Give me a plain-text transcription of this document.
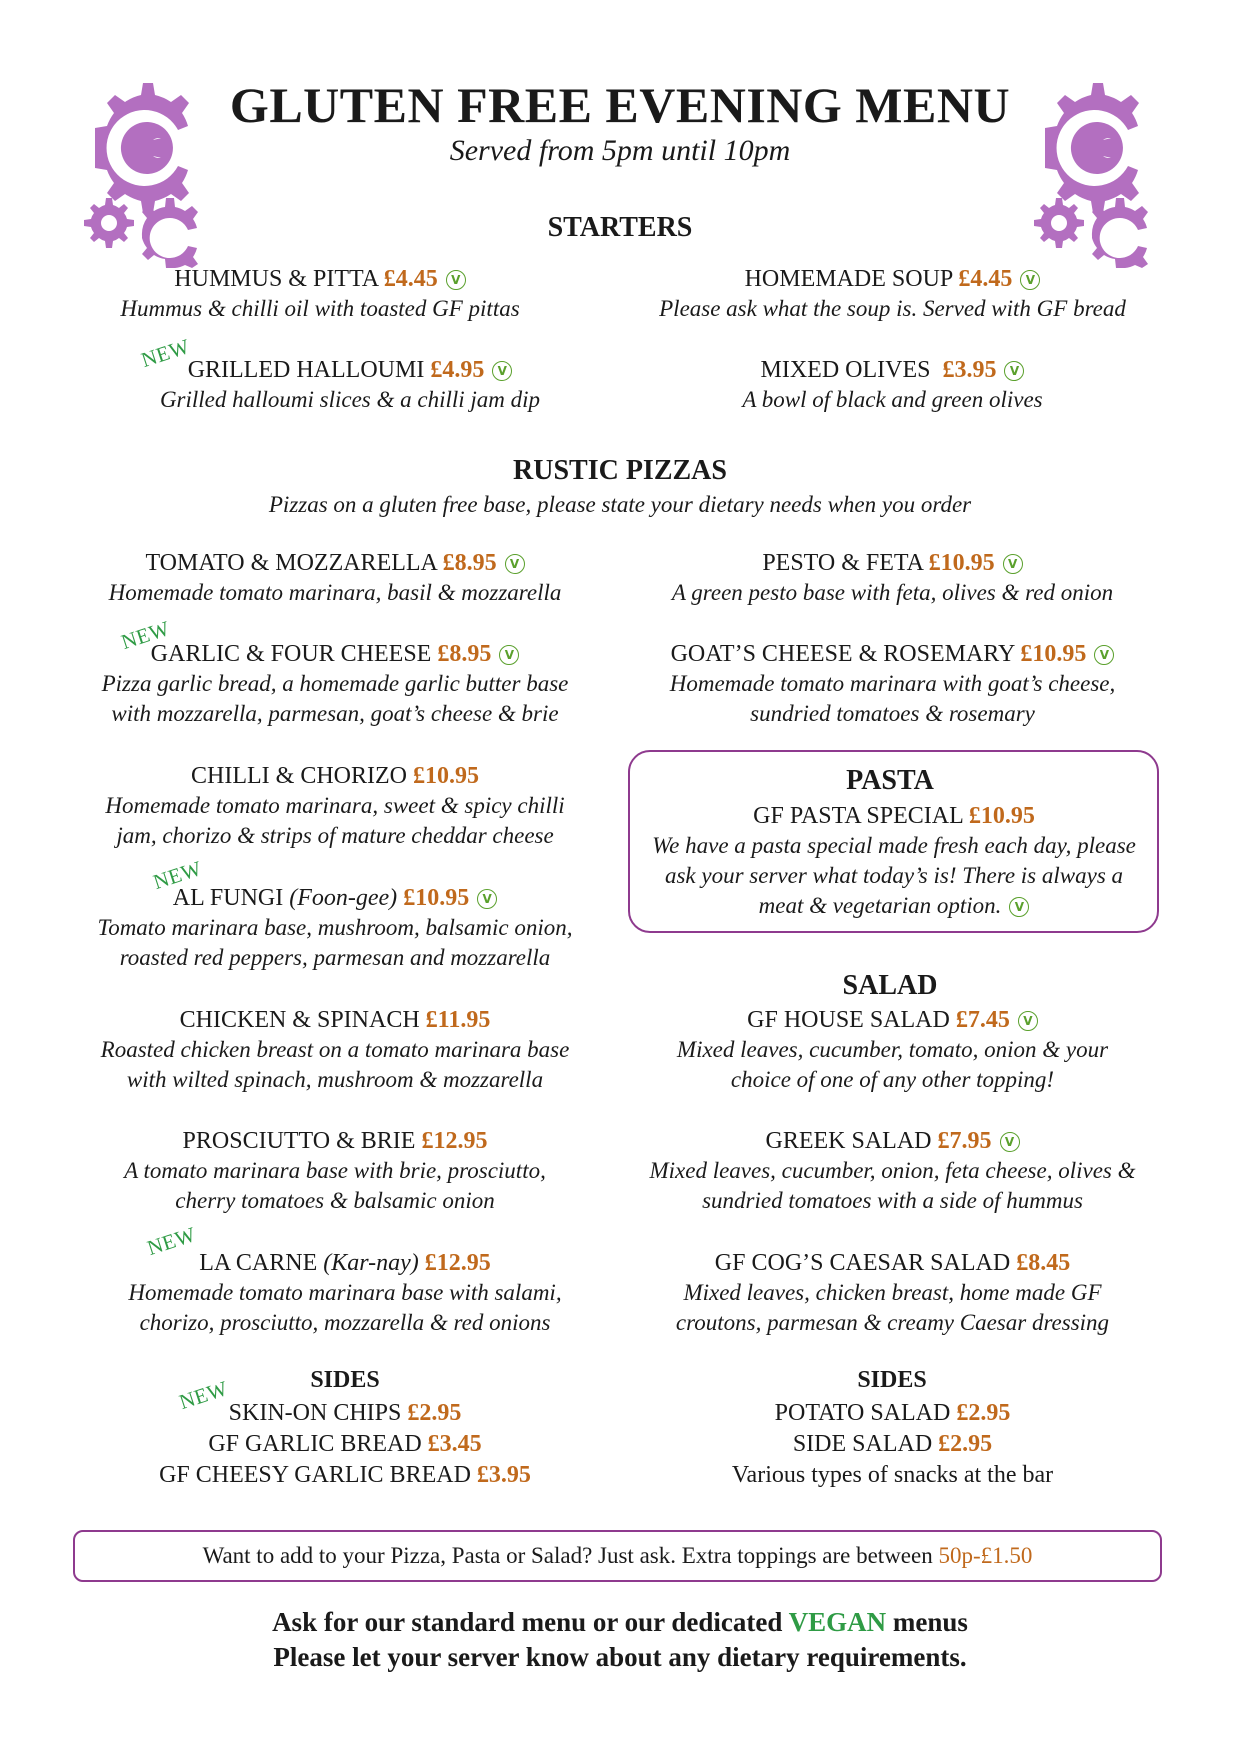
GLUTEN FREE EVENING MENU
Served from 5pm until 10pm
STARTERS
HUMMUS & PITTA £4.45 V
Hummus & chilli oil with toasted GF pittas
HOMEMADE SOUP £4.45 V
Please ask what the soup is. Served with GF bread
NEW
GRILLED HALLOUMI £4.95 V
Grilled halloumi slices & a chilli jam dip
MIXED OLIVES £3.95 V
A bowl of black and green olives
RUSTIC PIZZAS
Pizzas on a gluten free base, please state your dietary needs when you order
TOMATO & MOZZARELLA £8.95 V
Homemade tomato marinara, basil & mozzarella
PESTO & FETA £10.95 V
A green pesto base with feta, olives & red onion
NEW
GARLIC & FOUR CHEESE £8.95 V
Pizza garlic bread, a homemade garlic butter base
with mozzarella, parmesan, goat’s cheese & brie
GOAT’S CHEESE & ROSEMARY £10.95 V
Homemade tomato marinara with goat’s cheese,
sundried tomatoes & rosemary
CHILLI & CHORIZO £10.95
Homemade tomato marinara, sweet & spicy chilli
jam, chorizo & strips of mature cheddar cheese
PASTA
GF PASTA SPECIAL £10.95
We have a pasta special made fresh each day, please
ask your server what today’s is! There is always a
meat & vegetarian option. V
NEW
AL FUNGI (Foon-gee) £10.95 V
Tomato marinara base, mushroom, balsamic onion,
roasted red peppers, parmesan and mozzarella
SALAD
GF HOUSE SALAD £7.45 V
Mixed leaves, cucumber, tomato, onion & your
choice of one of any other topping!
CHICKEN & SPINACH £11.95
Roasted chicken breast on a tomato marinara base
with wilted spinach, mushroom & mozzarella
PROSCIUTTO & BRIE £12.95
A tomato marinara base with brie, prosciutto,
cherry tomatoes & balsamic onion
GREEK SALAD £7.95 V
Mixed leaves, cucumber, onion, feta cheese, olives &
sundried tomatoes with a side of hummus
NEW
LA CARNE (Kar-nay) £12.95
Homemade tomato marinara base with salami,
chorizo, prosciutto, mozzarella & red onions
GF COG’S CAESAR SALAD £8.45
Mixed leaves, chicken breast, home made GF
croutons, parmesan & creamy Caesar dressing
SIDES
NEW
SKIN-ON CHIPS £2.95
GF GARLIC BREAD £3.45
GF CHEESY GARLIC BREAD £3.95
SIDES
POTATO SALAD £2.95
SIDE SALAD £2.95
Various types of snacks at the bar
Want to add to your Pizza, Pasta or Salad? Just ask. Extra toppings are between 50p-£1.50
Ask for our standard menu or our dedicated VEGAN menus
Please let your server know about any dietary requirements.
